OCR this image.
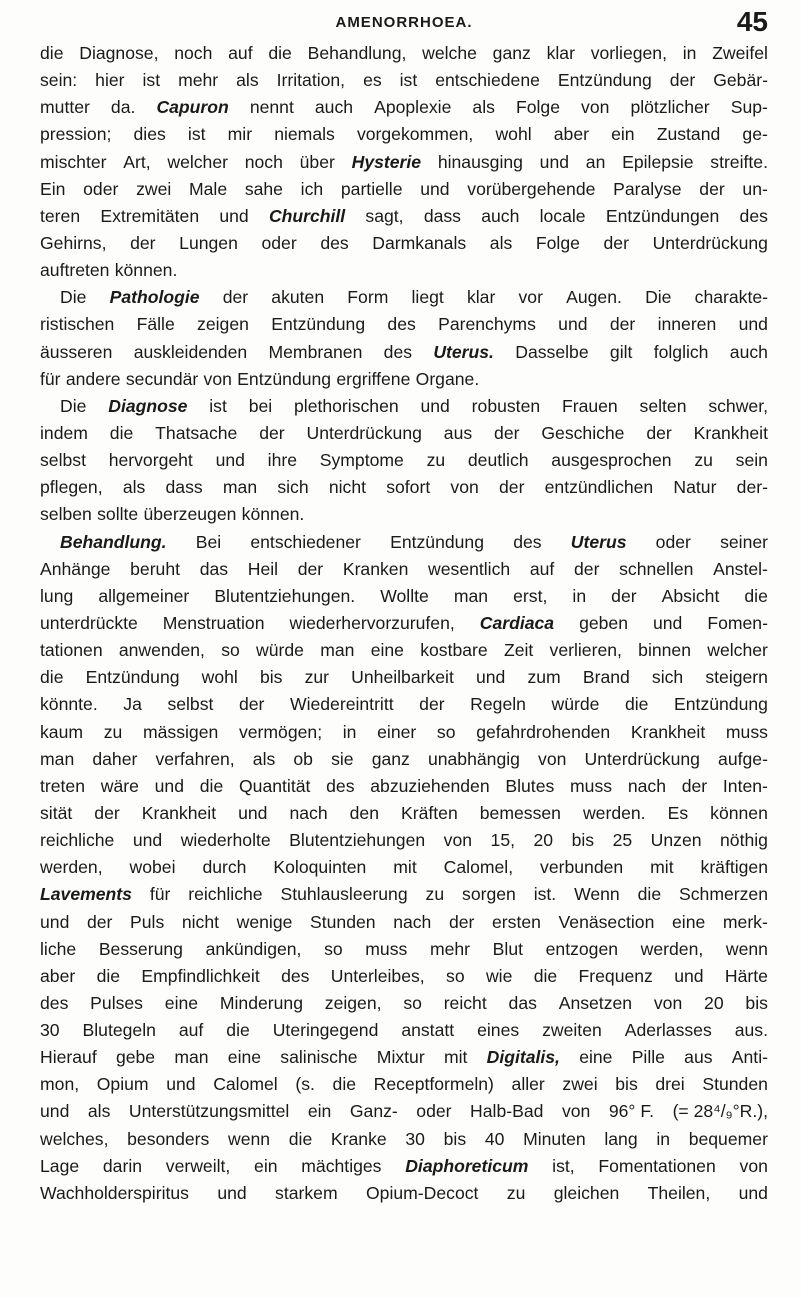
AMENORRHOEA.	45
die Diagnose, noch auf die Behandlung, welche ganz klar vorliegen, in Zweifel
sein: hier ist mehr als Irritation, es ist entschiedene Entzündung der Gebär-
mutter da. Capuron nennt auch Apoplexie als Folge von plötzlicher Sup-
pression; dies ist mir niemals vorgekommen, wohl aber ein Zustand ge-
mischter Art, welcher noch über Hysterie hinausging und an Epilepsie streifte.
Ein oder zwei Male sahe ich partielle und vorübergehende Paralyse der un-
teren Extremitäten und Churchill sagt, dass auch locale Entzündungen des
Gehirns, der Lungen oder des Darmkanals als Folge der Unterdrückung
auftreten können.
Die Pathologie der akuten Form liegt klar vor Augen. Die charakte-
ristischen Fälle zeigen Entzündung des Parenchyms und der inneren und
äusseren auskleidenden Membranen des Uterus. Dasselbe gilt folglich auch
für andere secundär von Entzündung ergriffene Organe.
Die Diagnose ist bei plethorischen und robusten Frauen selten schwer,
indem die Thatsache der Unterdrückung aus der Geschiche der Krankheit
selbst hervorgeht und ihre Symptome zu deutlich ausgesprochen zu sein
pflegen, als dass man sich nicht sofort von der entzündlichen Natur der-
selben sollte überzeugen können.
Behandlung. Bei entschiedener Entzündung des Uterus oder seiner
Anhänge beruht das Heil der Kranken wesentlich auf der schnellen Anstel-
lung allgemeiner Blutentziehungen. Wollte man erst, in der Absicht die
unterdrückte Menstruation wiederhervorzurufen, Cardiaca geben und Fomen-
tationen anwenden, so würde man eine kostbare Zeit verlieren, binnen welcher
die Entzündung wohl bis zur Unheilbarkeit und zum Brand sich steigern
könnte. Ja selbst der Wiedereintritt der Regeln würde die Entzündung
kaum zu mässigen vermögen; in einer so gefahrdrohenden Krankheit muss
man daher verfahren, als ob sie ganz unabhängig von Unterdrückung aufge-
treten wäre und die Quantität des abzuziehenden Blutes muss nach der Inten-
sität der Krankheit und nach den Kräften bemessen werden. Es können
reichliche und wiederholte Blutentziehungen von 15, 20 bis 25 Unzen nöthig
werden, wobei durch Koloquinten mit Calomel, verbunden mit kräftigen
Lavements für reichliche Stuhlausleerung zu sorgen ist. Wenn die Schmerzen
und der Puls nicht wenige Stunden nach der ersten Venäsection eine merk-
liche Besserung ankündigen, so muss mehr Blut entzogen werden, wenn
aber die Empfindlichkeit des Unterleibes, so wie die Frequenz und Härte
des Pulses eine Minderung zeigen, so reicht das Ansetzen von 20 bis
30 Blutegeln auf die Uteringegend anstatt eines zweiten Aderlasses aus.
Hierauf gebe man eine salinische Mixtur mit Digitalis, eine Pille aus Anti-
mon, Opium und Calomel (s. die Receptformeln) aller zwei bis drei Stunden
und als Unterstützungsmittel ein Ganz- oder Halb-Bad von 96° F. (= 28⁴/₉°R.),
welches, besonders wenn die Kranke 30 bis 40 Minuten lang in bequemer
Lage darin verweilt, ein mächtiges Diaphoreticum ist, Fomentationen von
Wachholderspiritus und starkem Opium-Decoct zu gleichen Theilen, und
